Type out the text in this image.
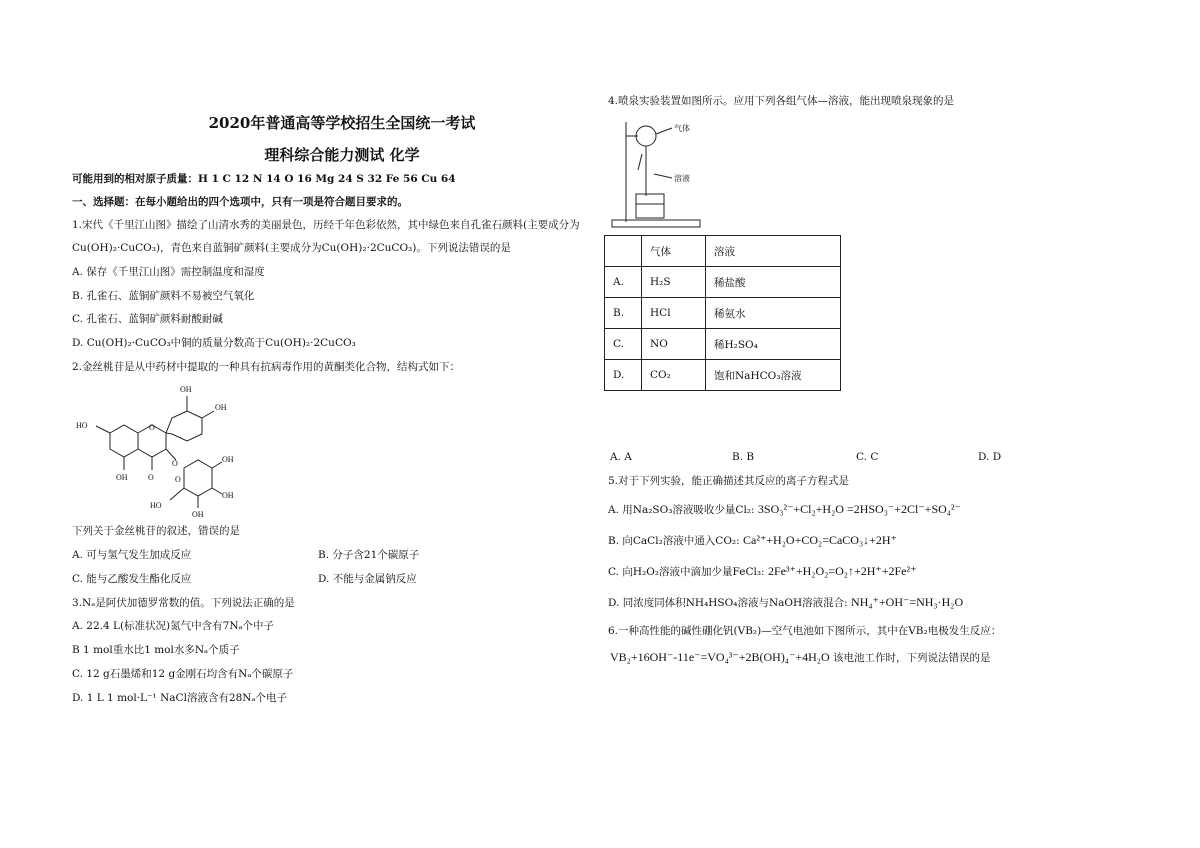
2020年普通高等学校招生全国统一考试
理科综合能力测试 化学
可能用到的相对原子质量：H 1 C 12 N 14 O 16 Mg 24 S 32 Fe 56 Cu 64
一、选择题：在每小题给出的四个选项中，只有一项是符合题目要求的。
1.宋代《千里江山图》描绘了山清水秀的美丽景色，历经千年色彩依然，其中绿色来自孔雀石颜料(主要成分为
Cu(OH)₂·CuCO₃)，青色来自蓝铜矿颜料(主要成分为Cu(OH)₂·2CuCO₃)。下列说法错误的是
A. 保存《千里江山图》需控制温度和湿度
B. 孔雀石、蓝铜矿颜料不易被空气氧化
C. 孔雀石、蓝铜矿颜料耐酸耐碱
D. Cu(OH)₂·CuCO₃中铜的质量分数高于Cu(OH)₂·2CuCO₃
2.金丝桃苷是从中药材中提取的一种具有抗病毒作用的黄酮类化合物，结构式如下：
OH
OH
HO	O
OH	O
O	OH
O
OH
HO
OH
下列关于金丝桃苷的叙述，错误的是
A. 可与氢气发生加成反应	B. 分子含21个碳原子
C. 能与乙酸发生酯化反应	D. 不能与金属钠反应
3.Nₐ是阿伏加德罗常数的值。下列说法正确的是
A. 22.4 L(标准状况)氮气中含有7Nₐ个中子
B 1 mol重水比1 mol水多Nₐ个质子
C. 12 g石墨烯和12 g金刚石均含有Nₐ个碳原子
D. 1 L 1 mol·L⁻¹ NaCl溶液含有28Nₐ个电子
4.喷泉实验装置如图所示。应用下列各组气体—溶液，能出现喷泉现象的是
气体
溶液
	气体	溶液
A.	H₂S	稀盐酸
B.	HCl	稀氨水
C.	NO	稀H₂SO₄
D.	CO₂	饱和NaHCO₃溶液
A. A	B. B	C. C	D. D
5.对于下列实验，能正确描述其反应的离子方程式是
A. 用Na₂SO₃溶液吸收少量Cl₂: 3SO₃²⁻+Cl₂+H₂O =2HSO₃⁻+2Cl⁻+SO₄²⁻
B. 向CaCl₂溶液中通入CO₂: Ca²⁺+H₂O+CO₂=CaCO₃↓+2H⁺
C. 向H₂O₂溶液中滴加少量FeCl₃: 2Fe³⁺+H₂O₂=O₂↑+2H⁺+2Fe²⁺
D. 同浓度同体积NH₄HSO₄溶液与NaOH溶液混合: NH₄⁺+OH⁻=NH₃·H₂O
6.一种高性能的碱性硼化钒(VB₂)—空气电池如下图所示，其中在VB₂电极发生反应：
VB₂+16OH⁻-11e⁻=VO₄³⁻+2B(OH)₄⁻+4H₂O 该电池工作时，下列说法错误的是
